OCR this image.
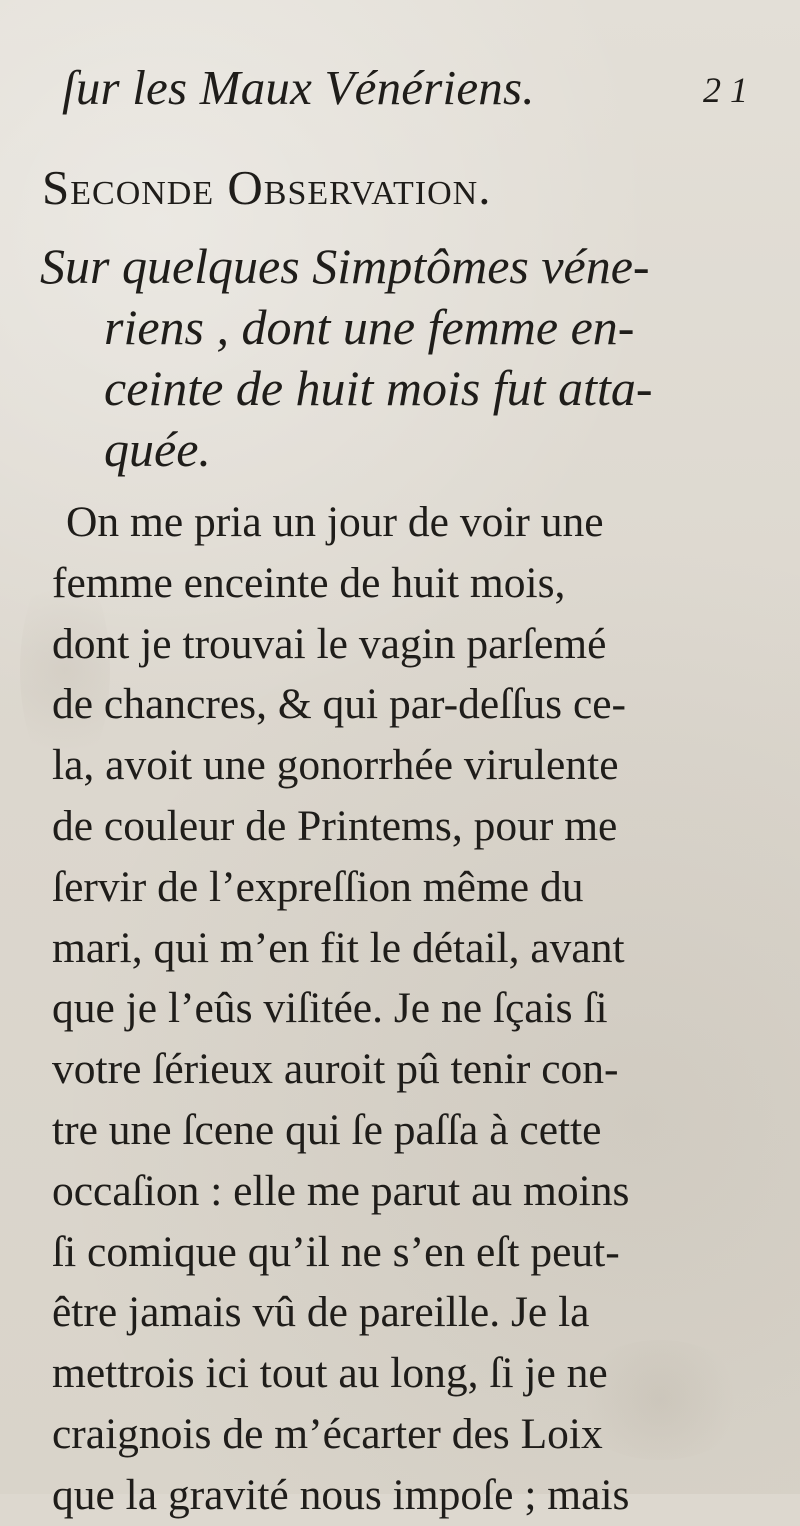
ſur les Maux Vénériens.	2 1
Seconde Observation.
Sur quelques Simptômes véne-
riens , dont une femme en-
ceinte de huit mois fut atta-
quée.
On me pria un jour de voir une
femme enceinte de huit mois,
dont je trouvai le vagin parſemé
de chancres, & qui par-deſſus ce-
la, avoit une gonorrhée virulente
de couleur de Printems, pour me
ſervir de l’expreſſion même du
mari, qui m’en fit le détail, avant
que je l’eûs viſitée. Je ne ſçais ſi
votre ſérieux auroit pû tenir con-
tre une ſcene qui ſe paſſa à cette
occaſion : elle me parut au moins
ſi comique qu’il ne s’en eſt peut-
être jamais vû de pareille. Je la
mettrois ici tout au long, ſi je ne
craignois de m’écarter des Loix
que la gravité nous impoſe ; mais
